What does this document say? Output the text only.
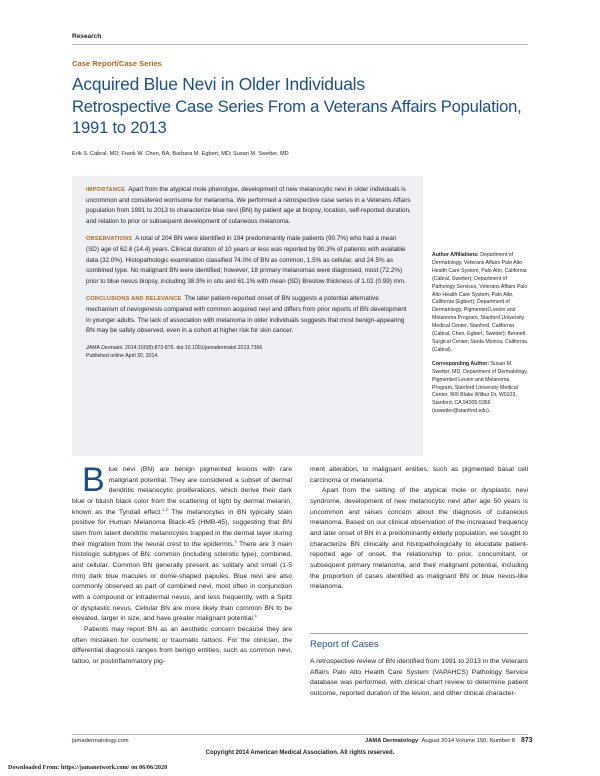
Research
Case Report/Case Series
Acquired Blue Nevi in Older Individuals
Retrospective Case Series From a Veterans Affairs Population,
1991 to 2013
Erik S. Cabral, MD; Frank W. Chen, BA; Barbara M. Egbert, MD; Susan M. Swetter, MD

IMPORTANCE Apart from the atypical mole phenotype, development of new melanocytic nevi in older individuals is uncommon and considered worrisome for melanoma. We performed a retrospective case series in a Veterans Affairs population from 1991 to 2013 to characterize blue nevi (BN) by patient age at biopsy, location, self-reported duration, and relation to prior or subsequent development of cutaneous melanoma.

OBSERVATIONS A total of 204 BN were identified in 194 predominantly male patients (90.7%) who had a mean (SD) age of 62.8 (14.4) years. Clinical duration of 10 years or less was reported by 90.3% of patients with available data (32.0%). Histopathologic examination classified 74.0% of BN as common, 1.5% as cellular, and 24.5% as combined type. No malignant BN were identified; however, 18 primary melanomas were diagnosed, most (72.2%) prior to blue nevus biopsy, including 38.9% in situ and 61.1% with mean (SD) Breslow thickness of 1.02 (0.99) mm.

CONCLUSIONS AND RELEVANCE The later patient-reported onset of BN suggests a potential alternative mechanism of nevogenesis compared with common acquired nevi and differs from prior reports of BN development in younger adults. The lack of association with melanoma in older individuals suggests that most benign-appearing BN may be safely observed, even in a cohort at higher risk for skin cancer.

JAMA Dermatol. 2014;150(8):873-876. doi:10.1001/jamadermatol.2013.7366
Published online April 30, 2014.

Author Affiliations: Department of Dermatology, Veterans Affairs Palo Alto Health Care System, Palo Alto, California (Cabral, Swetter); Department of Pathology Services, Veterans Affairs Palo Alto Health Care System, Palo Alto, California (Egbert); Department of Dermatology, Pigmented Lesion and Melanoma Program, Stanford University Medical Center, Stanford, California (Cabral, Chen, Egbert, Swetter); Bennett Surgical Center, Santa Monica, California (Cabral).

Corresponding Author: Susan M. Swetter, MD, Department of Dermatology, Pigmented Lesion and Melanoma Program, Stanford University Medical Center, 900 Blake Wilbur Dr, W0103, Stanford, CA 94305-5356 (sswetter@stanford.edu).

Blue nevi (BN) are benign pigmented lesions with rare malignant potential. They are considered a subset of dermal dendritic melanocytic proliferations, which derive their dark blue or bluish black color from the scattering of light by dermal melanin, known as the Tyndall effect.$^{1,2}$ The melanocytes in BN typically stain positive for Human Melanoma Black-45 (HMB-45), suggesting that BN stem from latent dendritic melanocytes trapped in the dermal layer during their migration from the neural crest to the epidermis.$^3$ There are 3 main histologic subtypes of BN: common (including sclerotic type), combined, and cellular. Common BN generally present as solitary and small (1-5 mm) dark blue macules or dome-shaped papules. Blue nevi are also commonly observed as part of combined nevi, most often in conjunction with a compound or intradermal nevus, and less frequently, with a Spitz or dysplastic nevus. Cellular BN are more likely than common BN to be elevated, larger in size, and have greater malignant potential.$^1$

Patients may report BN as an aesthetic concern because they are often mistaken for cosmetic or traumatic tattoos. For the clinician, the differential diagnosis ranges from benign entities, such as common nevi, tattoo, or postinflammatory pig-

ment alteration, to malignant entities, such as pigmented basal cell carcinoma or melanoma.

Apart from the setting of the atypical mole or dysplastic nevi syndrome, development of new melanocytic nevi after age 50 years is uncommon and raises concern about the diagnosis of cutaneous melanoma. Based on our clinical observation of the increased frequency and later onset of BN in a predominantly elderly population, we sought to characterize BN clinically and histopathologically to elucidate patient-reported age of onset, the relationship to prior, concomitant, or subsequent primary melanoma, and their malignant potential, including the proportion of cases identified as malignant BN or blue nevus-like melanoma.

Report of Cases

A retrospective review of BN identified from 1991 to 2013 in the Veterans Affairs Palo Alto Health Care System (VAPAHCS) Pathology Service database was performed, with clinical chart review to determine patient outcome, reported duration of the lesion, and other clinical character-

jamadermatology.com	JAMA Dermatology August 2014 Volume 150, Number 8 873
Copyright 2014 American Medical Association. All rights reserved.
Downloaded From: https://jamanetwork.com/ on 06/06/2020
